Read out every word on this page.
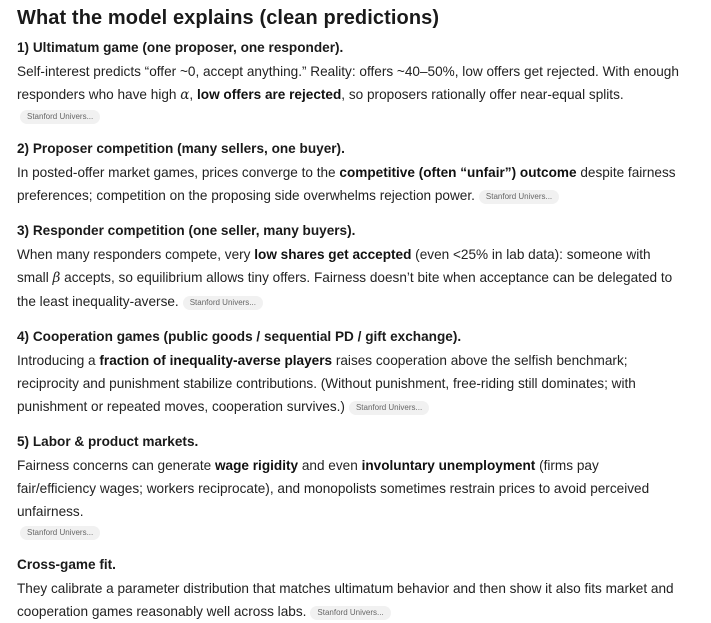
What the model explains (clean predictions)
1) Ultimatum game (one proposer, one responder).

Self-interest predicts “offer ~0, accept anything.” Reality: offers ~40–50%, low offers get rejected. With enough responders who have high α, low offers are rejected, so proposers rationally offer near-equal splits.

Stanford Univers...
2) Proposer competition (many sellers, one buyer).

In posted-offer market games, prices converge to the competitive (often “unfair”) outcome despite fairness preferences; competition on the proposing side overwhelms rejection power. Stanford Univers...

3) Responder competition (one seller, many buyers).

When many responders compete, very low shares get accepted (even <25% in lab data): someone with small β accepts, so equilibrium allows tiny offers. Fairness doesn’t bite when acceptance can be delegated to the least inequality-averse. Stanford Univers...

4) Cooperation games (public goods / sequential PD / gift exchange).

Introducing a fraction of inequality-averse players raises cooperation above the selfish benchmark; reciprocity and punishment stabilize contributions. (Without punishment, free-riding still dominates; with punishment or repeated moves, cooperation survives.) Stanford Univers...

5) Labor & product markets.

Fairness concerns can generate wage rigidity and even involuntary unemployment (firms pay fair/efficiency wages; workers reciprocate), and monopolists sometimes restrain prices to avoid perceived unfairness.

Stanford Univers...
Cross-game fit.

They calibrate a parameter distribution that matches ultimatum behavior and then show it also fits market and cooperation games reasonably well across labs. Stanford Univers...
